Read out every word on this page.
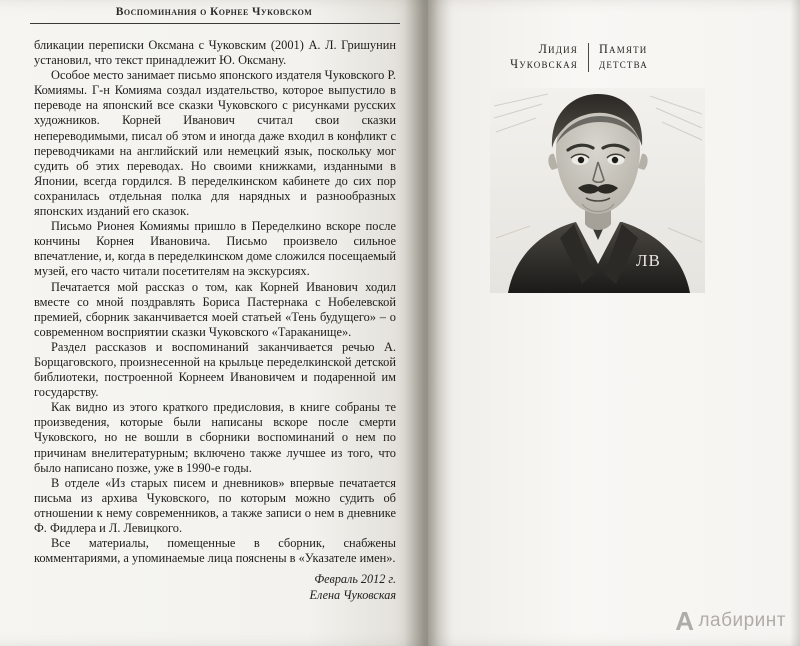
Воспоминания о Корнее Чуковском

бликации переписки Оксмана с Чуковским (2001) А. Л. Гришунин установил, что текст принадлежит Ю. Оксману.

Особое место занимает письмо японского издателя Чуковского Р. Комиямы. Г‑н Комияма создал издательство, которое выпустило в переводе на японский все сказки Чуковского с рисунками русских художников. Корней Иванович считал свои сказки непереводимыми, писал об этом и иногда даже входил в конфликт с переводчиками на английский или немецкий язык, поскольку мог судить об этих переводах. Но своими книжками, изданными в Японии, всегда гордился. В переделкинском кабинете до сих пор сохранилась отдельная полка для нарядных и разнообразных японских изданий его сказок.

Письмо Рионея Комиямы пришло в Переделкино вскоре после кончины Корнея Ивановича. Письмо произвело сильное впечатление, и, когда в переделкинском доме сложился посещаемый музей, его часто читали посетителям на экскурсиях.

Печатается мой рассказ о том, как Корней Иванович ходил вместе со мной поздравлять Бориса Пастернака с Нобелевской премией, сборник заканчивается моей статьей «Тень будущего» – о современном восприятии сказки Чуковского «Тараканище».

Раздел рассказов и воспоминаний заканчивается речью А. Борщаговского, произнесенной на крыльце переделкинской детской библиотеки, построенной Корнеем Ивановичем и подаренной им государству.

Как видно из этого краткого предисловия, в книге собраны те произведения, которые были написаны вскоре после смерти Чуковского, но не вошли в сборники воспоминаний о нем по причинам внелитературным; включено также лучшее из того, что было написано позже, уже в 1990‑е годы.

В отделе «Из старых писем и дневников» впервые печатается письма из архива Чуковского, по которым можно судить об отношении к нему современников, а также записи о нем в дневнике Ф. Фидлера и Л. Левицкого.

Все материалы, помещенные в сборник, снабжены комментариями, а упоминаемые лица пояснены в «Указателе имен».

Февраль 2012 г.
Елена Чуковская
Лидия Чуковская
Памяти детства
ЛВ
А лабиринт
